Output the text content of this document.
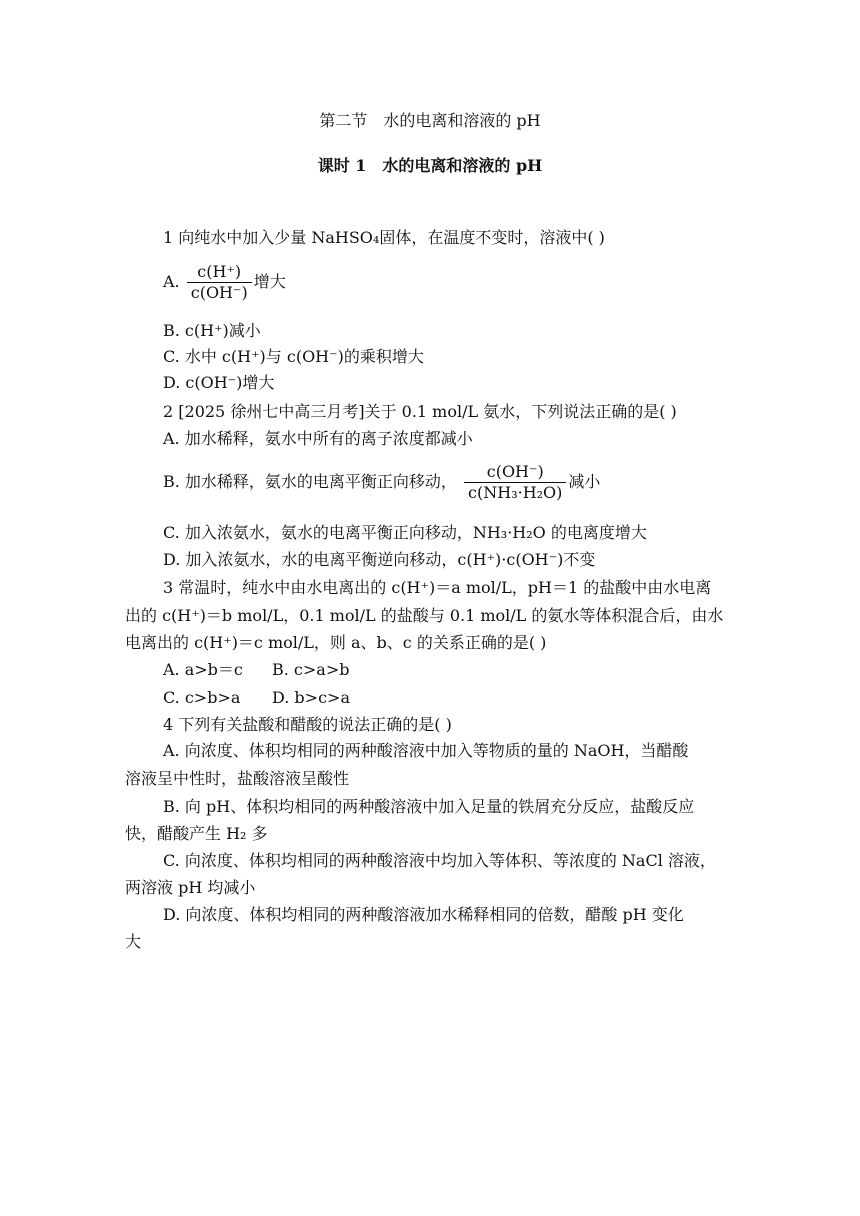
第二节　水的电离和溶液的 pH
课时 1　水的电离和溶液的 pH
1 向纯水中加入少量 NaHSO₄固体，在温度不变时，溶液中( )
A. $\frac{c(H^+)}{c(OH^-)}$ 增大
B. c(H⁺)减小
C. 水中 c(H⁺)与 c(OH⁻)的乘积增大
D. c(OH⁻)增大
2 [2025 徐州七中高三月考]关于 0.1 mol/L 氨水，下列说法正确的是( )
A. 加水稀释，氨水中所有的离子浓度都减小
B. 加水稀释，氨水的电离平衡正向移动， $\frac{c(OH^-)}{\text{c(NH₃·H₂O)}}$ 减小
C. 加入浓氨水，氨水的电离平衡正向移动，NH₃·H₂O 的电离度增大
D. 加入浓氨水，水的电离平衡逆向移动，c(H⁺)·c(OH⁻)不变
3 常温时，纯水中由水电离出的 c(H⁺)＝a mol/L，pH＝1 的盐酸中由水电离
出的 c(H⁺)＝b mol/L，0.1 mol/L 的盐酸与 0.1 mol/L 的氨水等体积混合后，由水
电离出的 c(H⁺)＝c mol/L，则 a、b、c 的关系正确的是( )
A. a>b＝c B. c>a>b
C. c>b>a D. b>c>a
4 下列有关盐酸和醋酸的说法正确的是( )
A. 向浓度、体积均相同的两种酸溶液中加入等物质的量的 NaOH，当醋酸
溶液呈中性时，盐酸溶液呈酸性
B. 向 pH、体积均相同的两种酸溶液中加入足量的铁屑充分反应，盐酸反应
快，醋酸产生 H₂ 多
C. 向浓度、体积均相同的两种酸溶液中均加入等体积、等浓度的 NaCl 溶液，
两溶液 pH 均减小
D. 向浓度、体积均相同的两种酸溶液加水稀释相同的倍数，醋酸 pH 变化
大
